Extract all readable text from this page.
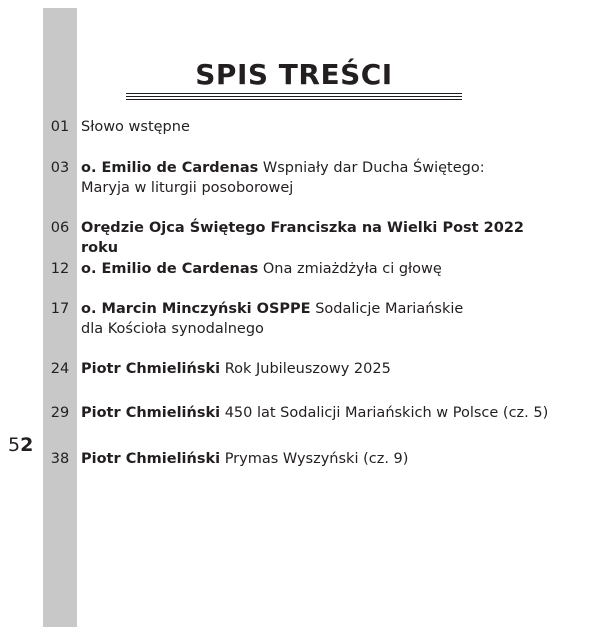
SPIS TREŚCI
01 Słowo wstępne
03 o. Emilio de Cardenas Wspniały dar Ducha Świętego: Maryja w liturgii posoborowej
06 Orędzie Ojca Świętego Franciszka na Wielki Post 2022 roku
12 o. Emilio de Cardenas Ona zmiażdżyła ci głowę
17 o. Marcin Minczyński OSPPE Sodalicje Mariańskie dla Kościoła synodalnego
24 Piotr Chmieliński Rok Jubileuszowy 2025
29 Piotr Chmieliński 450 lat Sodalicji Mariańskich w Polsce (cz. 5)
38 Piotr Chmieliński Prymas Wyszyński (cz. 9)
52
